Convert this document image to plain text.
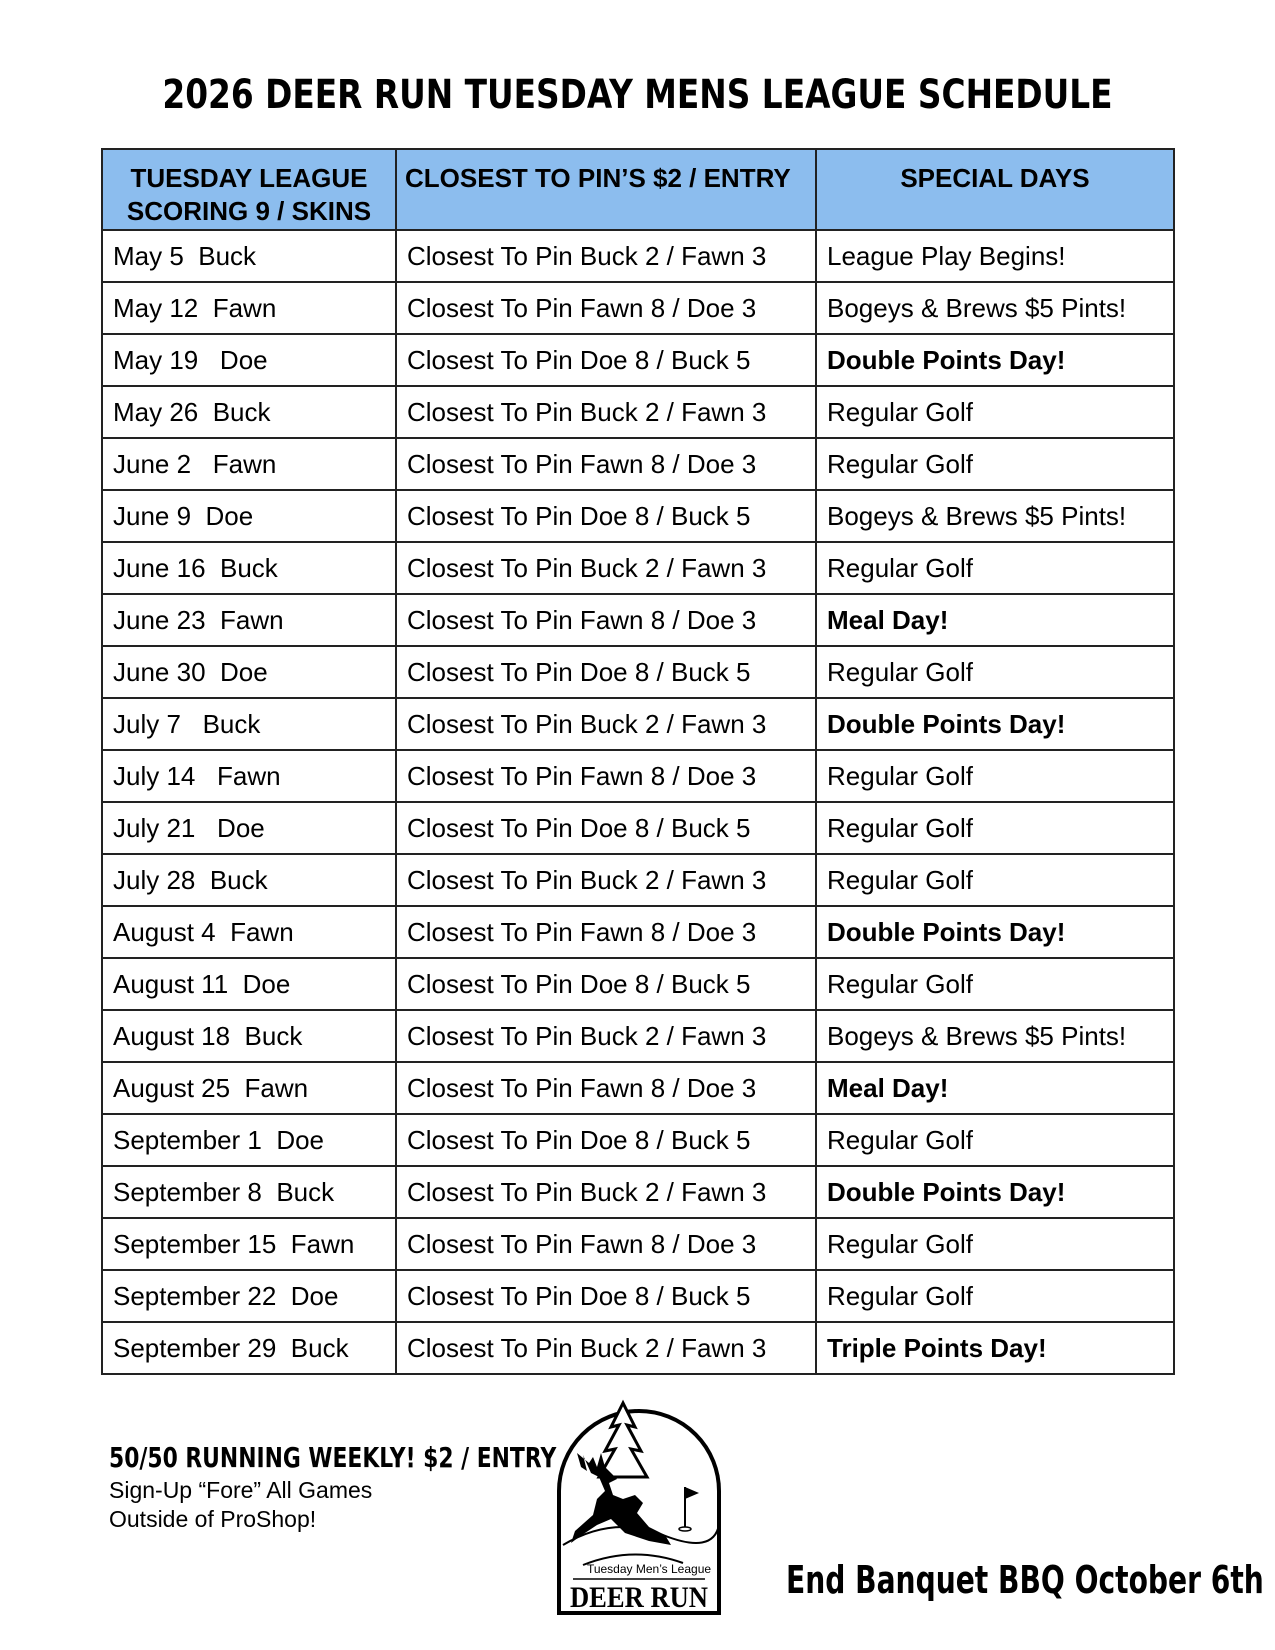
2026 DEER RUN TUESDAY MENS LEAGUE SCHEDULE
TUESDAY LEAGUE
SCORING 9 / SKINS	CLOSEST TO PIN’S $2 / ENTRY	SPECIAL DAYS

May 5  Buck	Closest To Pin Buck 2 / Fawn 3	League Play Begins!
May 12  Fawn	Closest To Pin Fawn 8 / Doe 3	Bogeys & Brews $5 Pints!
May 19   Doe	Closest To Pin Doe 8 / Buck 5	Double Points Day!
May 26  Buck	Closest To Pin Buck 2 / Fawn 3	Regular Golf
June 2   Fawn	Closest To Pin Fawn 8 / Doe 3	Regular Golf
June 9  Doe	Closest To Pin Doe 8 / Buck 5	Bogeys & Brews $5 Pints!
June 16  Buck	Closest To Pin Buck 2 / Fawn 3	Regular Golf
June 23  Fawn	Closest To Pin Fawn 8 / Doe 3	Meal Day!
June 30  Doe	Closest To Pin Doe 8 / Buck 5	Regular Golf
July 7   Buck	Closest To Pin Buck 2 / Fawn 3	Double Points Day!
July 14   Fawn	Closest To Pin Fawn 8 / Doe 3	Regular Golf
July 21   Doe	Closest To Pin Doe 8 / Buck 5	Regular Golf
July 28  Buck	Closest To Pin Buck 2 / Fawn 3	Regular Golf
August 4  Fawn	Closest To Pin Fawn 8 / Doe 3	Double Points Day!
August 11  Doe	Closest To Pin Doe 8 / Buck 5	Regular Golf
August 18  Buck	Closest To Pin Buck 2 / Fawn 3	Bogeys & Brews $5 Pints!
August 25  Fawn	Closest To Pin Fawn 8 / Doe 3	Meal Day!
September 1  Doe	Closest To Pin Doe 8 / Buck 5	Regular Golf
September 8  Buck	Closest To Pin Buck 2 / Fawn 3	Double Points Day!
September 15  Fawn	Closest To Pin Fawn 8 / Doe 3	Regular Golf
September 22  Doe	Closest To Pin Doe 8 / Buck 5	Regular Golf
September 29  Buck	Closest To Pin Buck 2 / Fawn 3	Triple Points Day!
50/50 RUNNING WEEKLY! $2 / ENTRY
Sign-Up “Fore” All Games
Outside of ProShop!
Tuesday Men’s League
DEER RUN End Banquet BBQ October 6th
